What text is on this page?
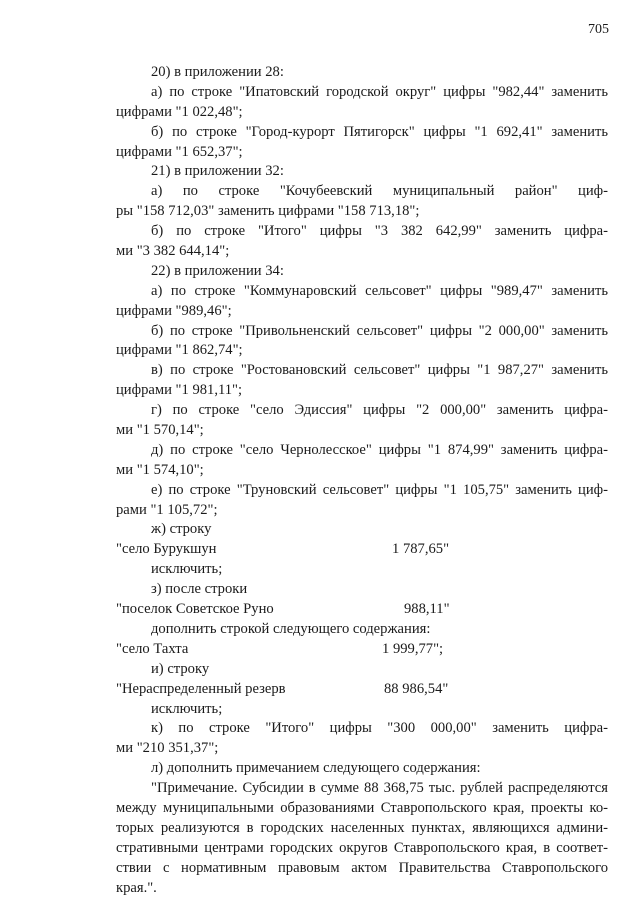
705
20) в приложении 28:
а) по строке "Ипатовский городской округ" цифры "982,44" заменить
цифрами "1 022,48";
б) по строке "Город-курорт Пятигорск" цифры "1 692,41" заменить
цифрами "1 652,37";
21) в приложении 32:
а) по строке "Кочубеевский муниципальный район" циф-
ры "158 712,03" заменить цифрами "158 713,18";
б) по строке "Итого" цифры "3 382 642,99" заменить цифра-
ми "3 382 644,14";
22) в приложении 34:
а) по строке "Коммунаровский сельсовет" цифры "989,47" заменить
цифрами "989,46";
б) по строке "Привольненский сельсовет" цифры "2 000,00" заменить
цифрами "1 862,74";
в) по строке "Ростовановский сельсовет" цифры "1 987,27" заменить
цифрами "1 981,11";
г) по строке "село Эдиссия" цифры "2 000,00" заменить цифра-
ми "1 570,14";
д) по строке "село Чернолесское" цифры "1 874,99" заменить цифра-
ми "1 574,10";
е) по строке "Труновский сельсовет" цифры "1 105,75" заменить циф-
рами "1 105,72";
ж) строку
"село Бурукшун	1 787,65"
исключить;
з) после строки
"поселок Советское Руно	988,11"
дополнить строкой следующего содержания:
"село Тахта	1 999,77";
и) строку
"Нераспределенный резерв	88 986,54"
исключить;
к) по строке "Итого" цифры "300 000,00" заменить цифра-
ми "210 351,37";
л) дополнить примечанием следующего содержания:
"Примечание. Субсидии в сумме 88 368,75 тыс. рублей распределяются
между муниципальными образованиями Ставропольского края, проекты ко-
торых реализуются в городских населенных пунктах, являющихся админи-
стративными центрами городских округов Ставропольского края, в соответ-
ствии с нормативным правовым актом Правительства Ставропольского
края.".
